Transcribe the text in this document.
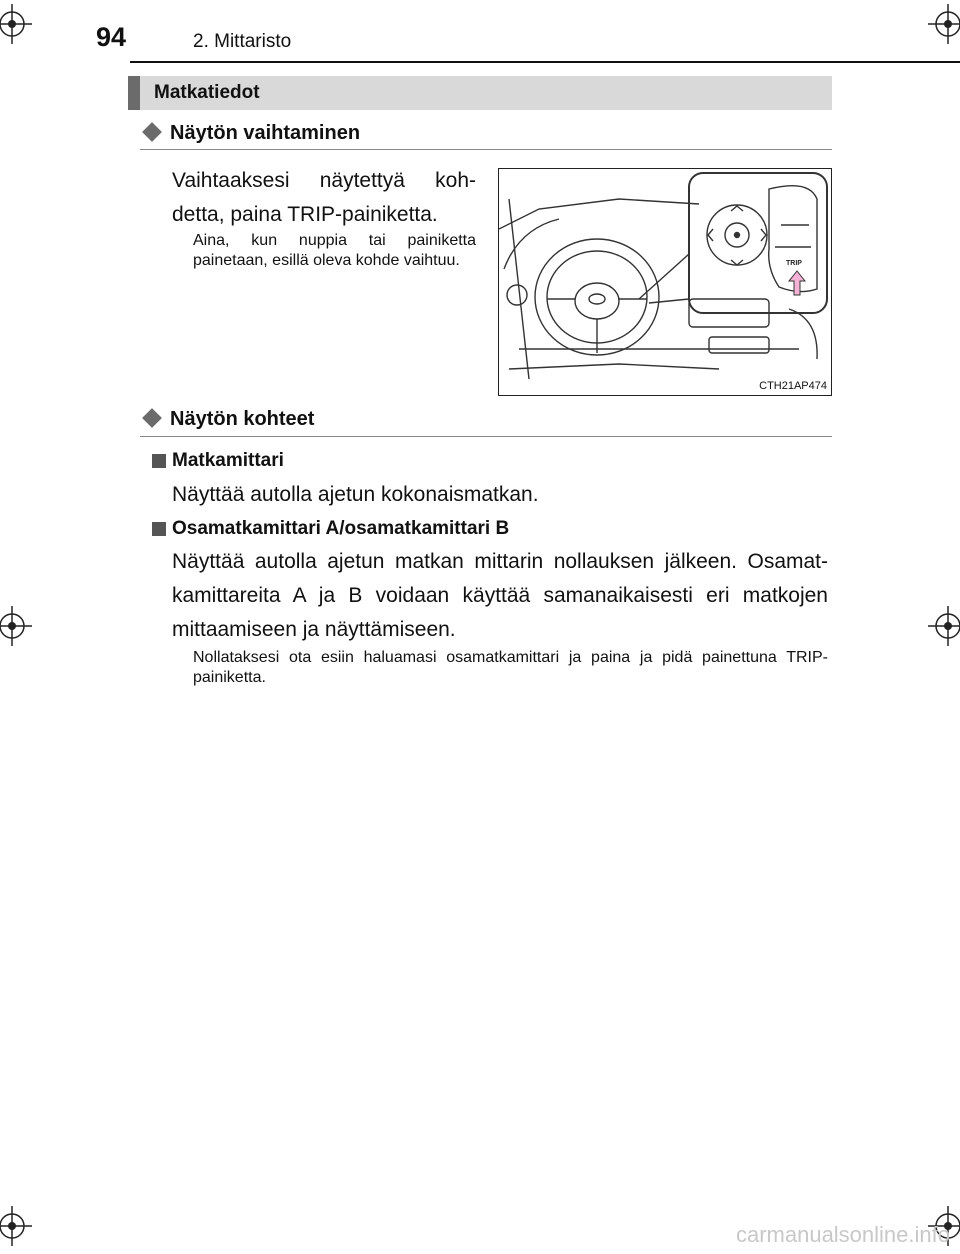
94	2. Mittaristo
Matkatiedot
Näytön vaihtaminen
Vaihtaaksesi näytettyä koh-detta, paina TRIP-painiketta.
Aina, kun nuppia tai painiketta painetaan, esillä oleva kohde vaihtuu.	TRIP
CTH21AP474
Näytön kohteet
Matkamittari
Näyttää autolla ajetun kokonaismatkan.
Osamatkamittari A/osamatkamittari B
Näyttää autolla ajetun matkan mittarin nollauksen jälkeen. Osamat-kamittareita A ja B voidaan käyttää samanaikaisesti eri matkojen mittaamiseen ja näyttämiseen.
Nollataksesi ota esiin haluamasi osamatkamittari ja paina ja pidä painettuna TRIP-painiketta.
carmanualsonline.info
